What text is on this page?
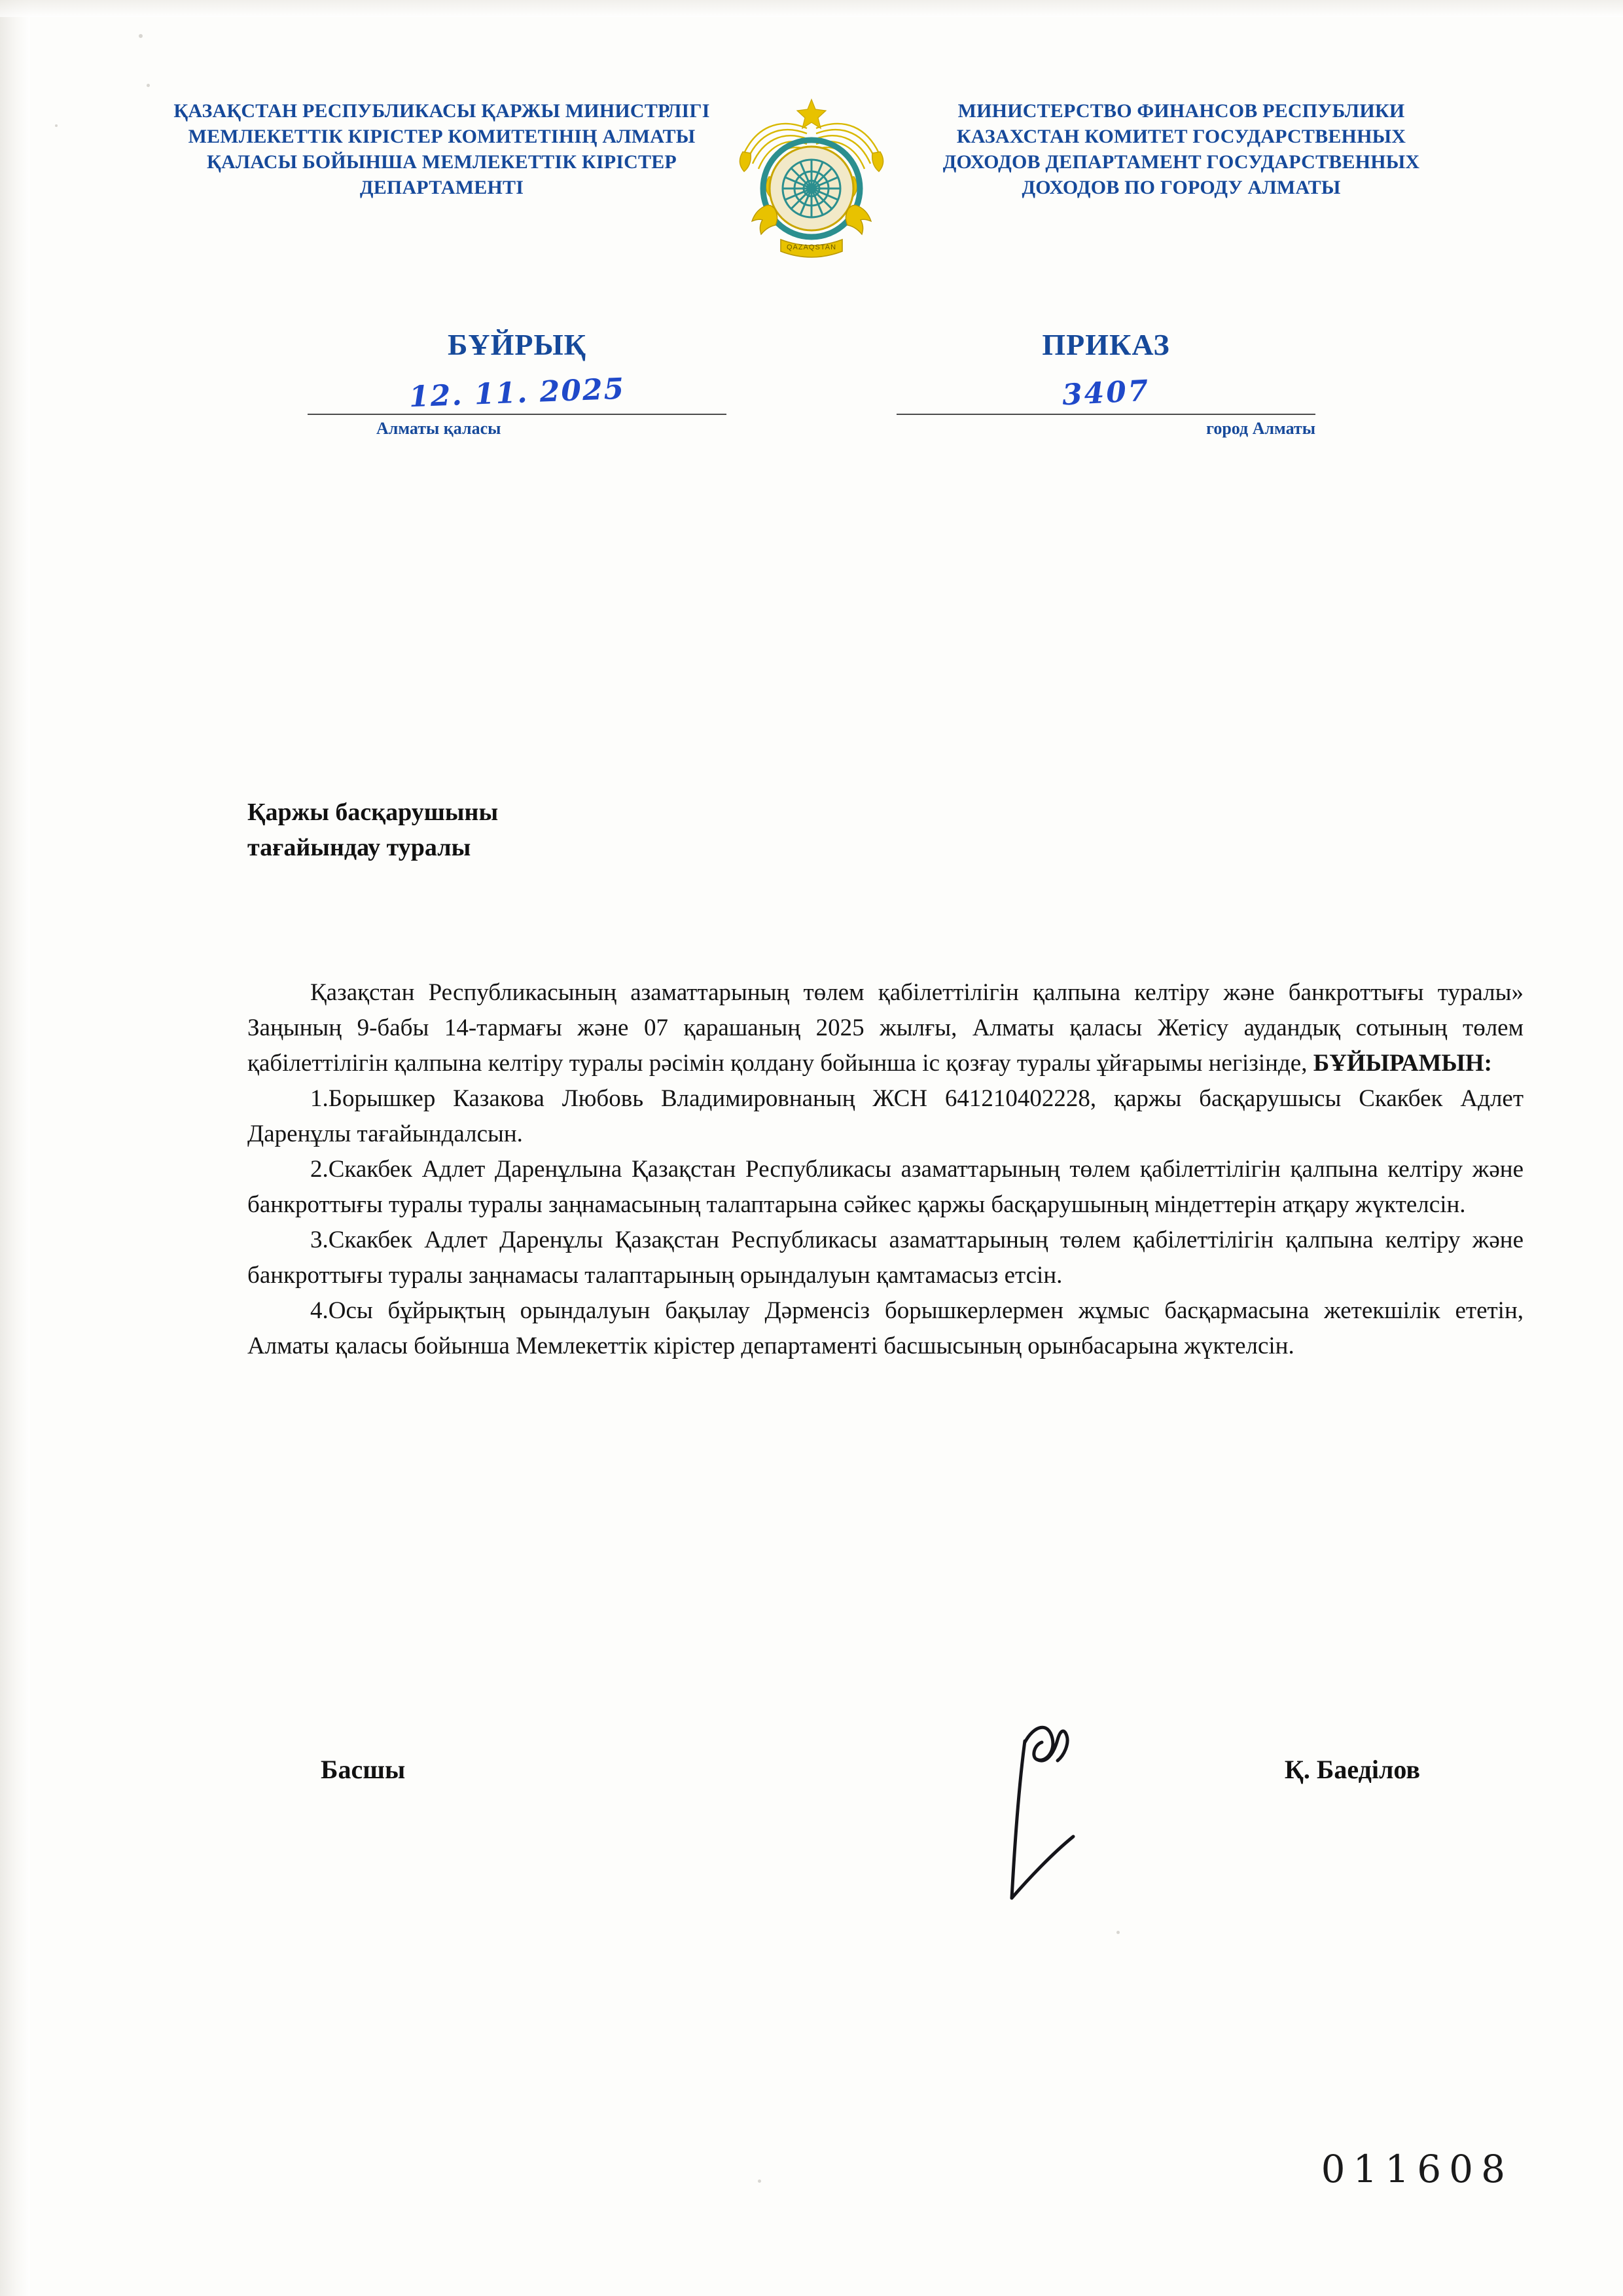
ҚАЗАҚСТАН РЕСПУБЛИКАСЫ ҚАРЖЫ МИНИСТРЛІГІ МЕМЛЕКЕТТІК КІРІСТЕР КОМИТЕТІНІҢ АЛМАТЫ ҚАЛАСЫ БОЙЫНША МЕМЛЕКЕТТІК КІРІСТЕР ДЕПАРТАМЕНТІ
QAZAQSTAN
МИНИСТЕРСТВО ФИНАНСОВ РЕСПУБЛИКИ КАЗАХСТАН КОМИТЕТ ГОСУДАРСТВЕННЫХ ДОХОДОВ ДЕПАРТАМЕНТ ГОСУДАРСТВЕННЫХ ДОХОДОВ ПО ГОРОДУ АЛМАТЫ
БҰЙРЫҚ
12. 11. 2025
Алматы қаласы
ПРИКАЗ
3407
город Алматы
Қаржы басқарушыны
тағайындау туралы

Қазақстан Республикасының азаматтарының төлем қабілеттілігін қалпына келтіру және банкроттығы туралы» Заңының 9-бабы 14-тармағы және 07 қарашаның 2025 жылғы, Алматы қаласы Жетісу аудандық сотының төлем қабілеттілігін қалпына келтіру туралы рәсімін қолдану бойынша іс қозғау туралы ұйғарымы негізінде, БҰЙЫРАМЫН:

1.Борышкер Казакова Любовь Владимировнаның ЖСН 641210402228, қаржы басқарушысы Скакбек Адлет Даренұлы тағайындалсын.

2.Скакбек Адлет Даренұлына Қазақстан Республикасы азаматтарының төлем қабілеттілігін қалпына келтіру және банкроттығы туралы туралы заңнамасының талаптарына сәйкес қаржы басқарушының міндеттерін атқару жүктелсін.

3.Скакбек Адлет Даренұлы Қазақстан Республикасы азаматтарының төлем қабілеттілігін қалпына келтіру және банкроттығы туралы заңнамасы талаптарының орындалуын қамтамасыз етсін.

4.Осы бұйрықтың орындалуын бақылау Дәрменсіз борышкерлермен жұмыс басқармасына жетекшілік ететін, Алматы қаласы бойынша Мемлекеттік кірістер департаменті басшысының орынбасарына жүктелсін.

Басшы	Қ. Баеділов
011608
